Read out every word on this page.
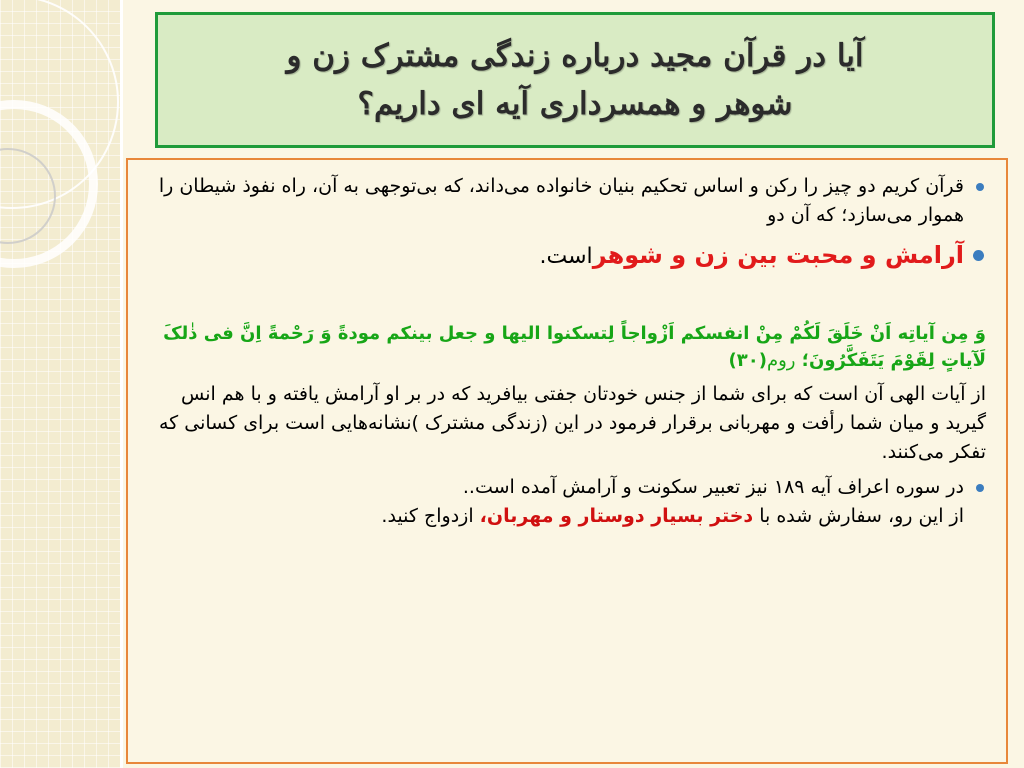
آیا در قرآن مجید درباره زندگی مشترک زن و
شوهر و همسرداری آیه ای داریم؟
قرآن کریم دو چیز را رکن و اساس تحکیم بنیان خانواده می‌داند، که بی‌توجهی به آن، راه نفوذ شیطان را هموار می‌سازد؛ که آن دو
آرامش و محبت بین زن و شوهراست.
وَ مِن آیاتِه اَنْ خَلَقَ لَکُمْ مِنْ انفسکم اَزْواجاً لِتسکنوا الیها و جعل بینکم مودةً وَ رَحْمةً اِنَّ فی ذٰلکَ لَآیاتٍ لِقَوْمَ یَتَفَکَّرُونَ؛ روم(۳۰)
از آیات الهی آن است که برای شما از جنس خودتان جفتی بیافرید که در بر او آرامش یافته و با هم انس گیرید و میان شما رأفت و مهربانی برقرار فرمود در این (زندگی مشترک )نشانه‌هایی است برای کسانی که تفکر می‌کنند.
در سوره اعراف آیه ۱۸۹ نیز تعبیر سکونت و آرامش آمده است..
از این رو، سفارش شده با دختر بسیار دوستار و مهربان، ازدواج کنید.
